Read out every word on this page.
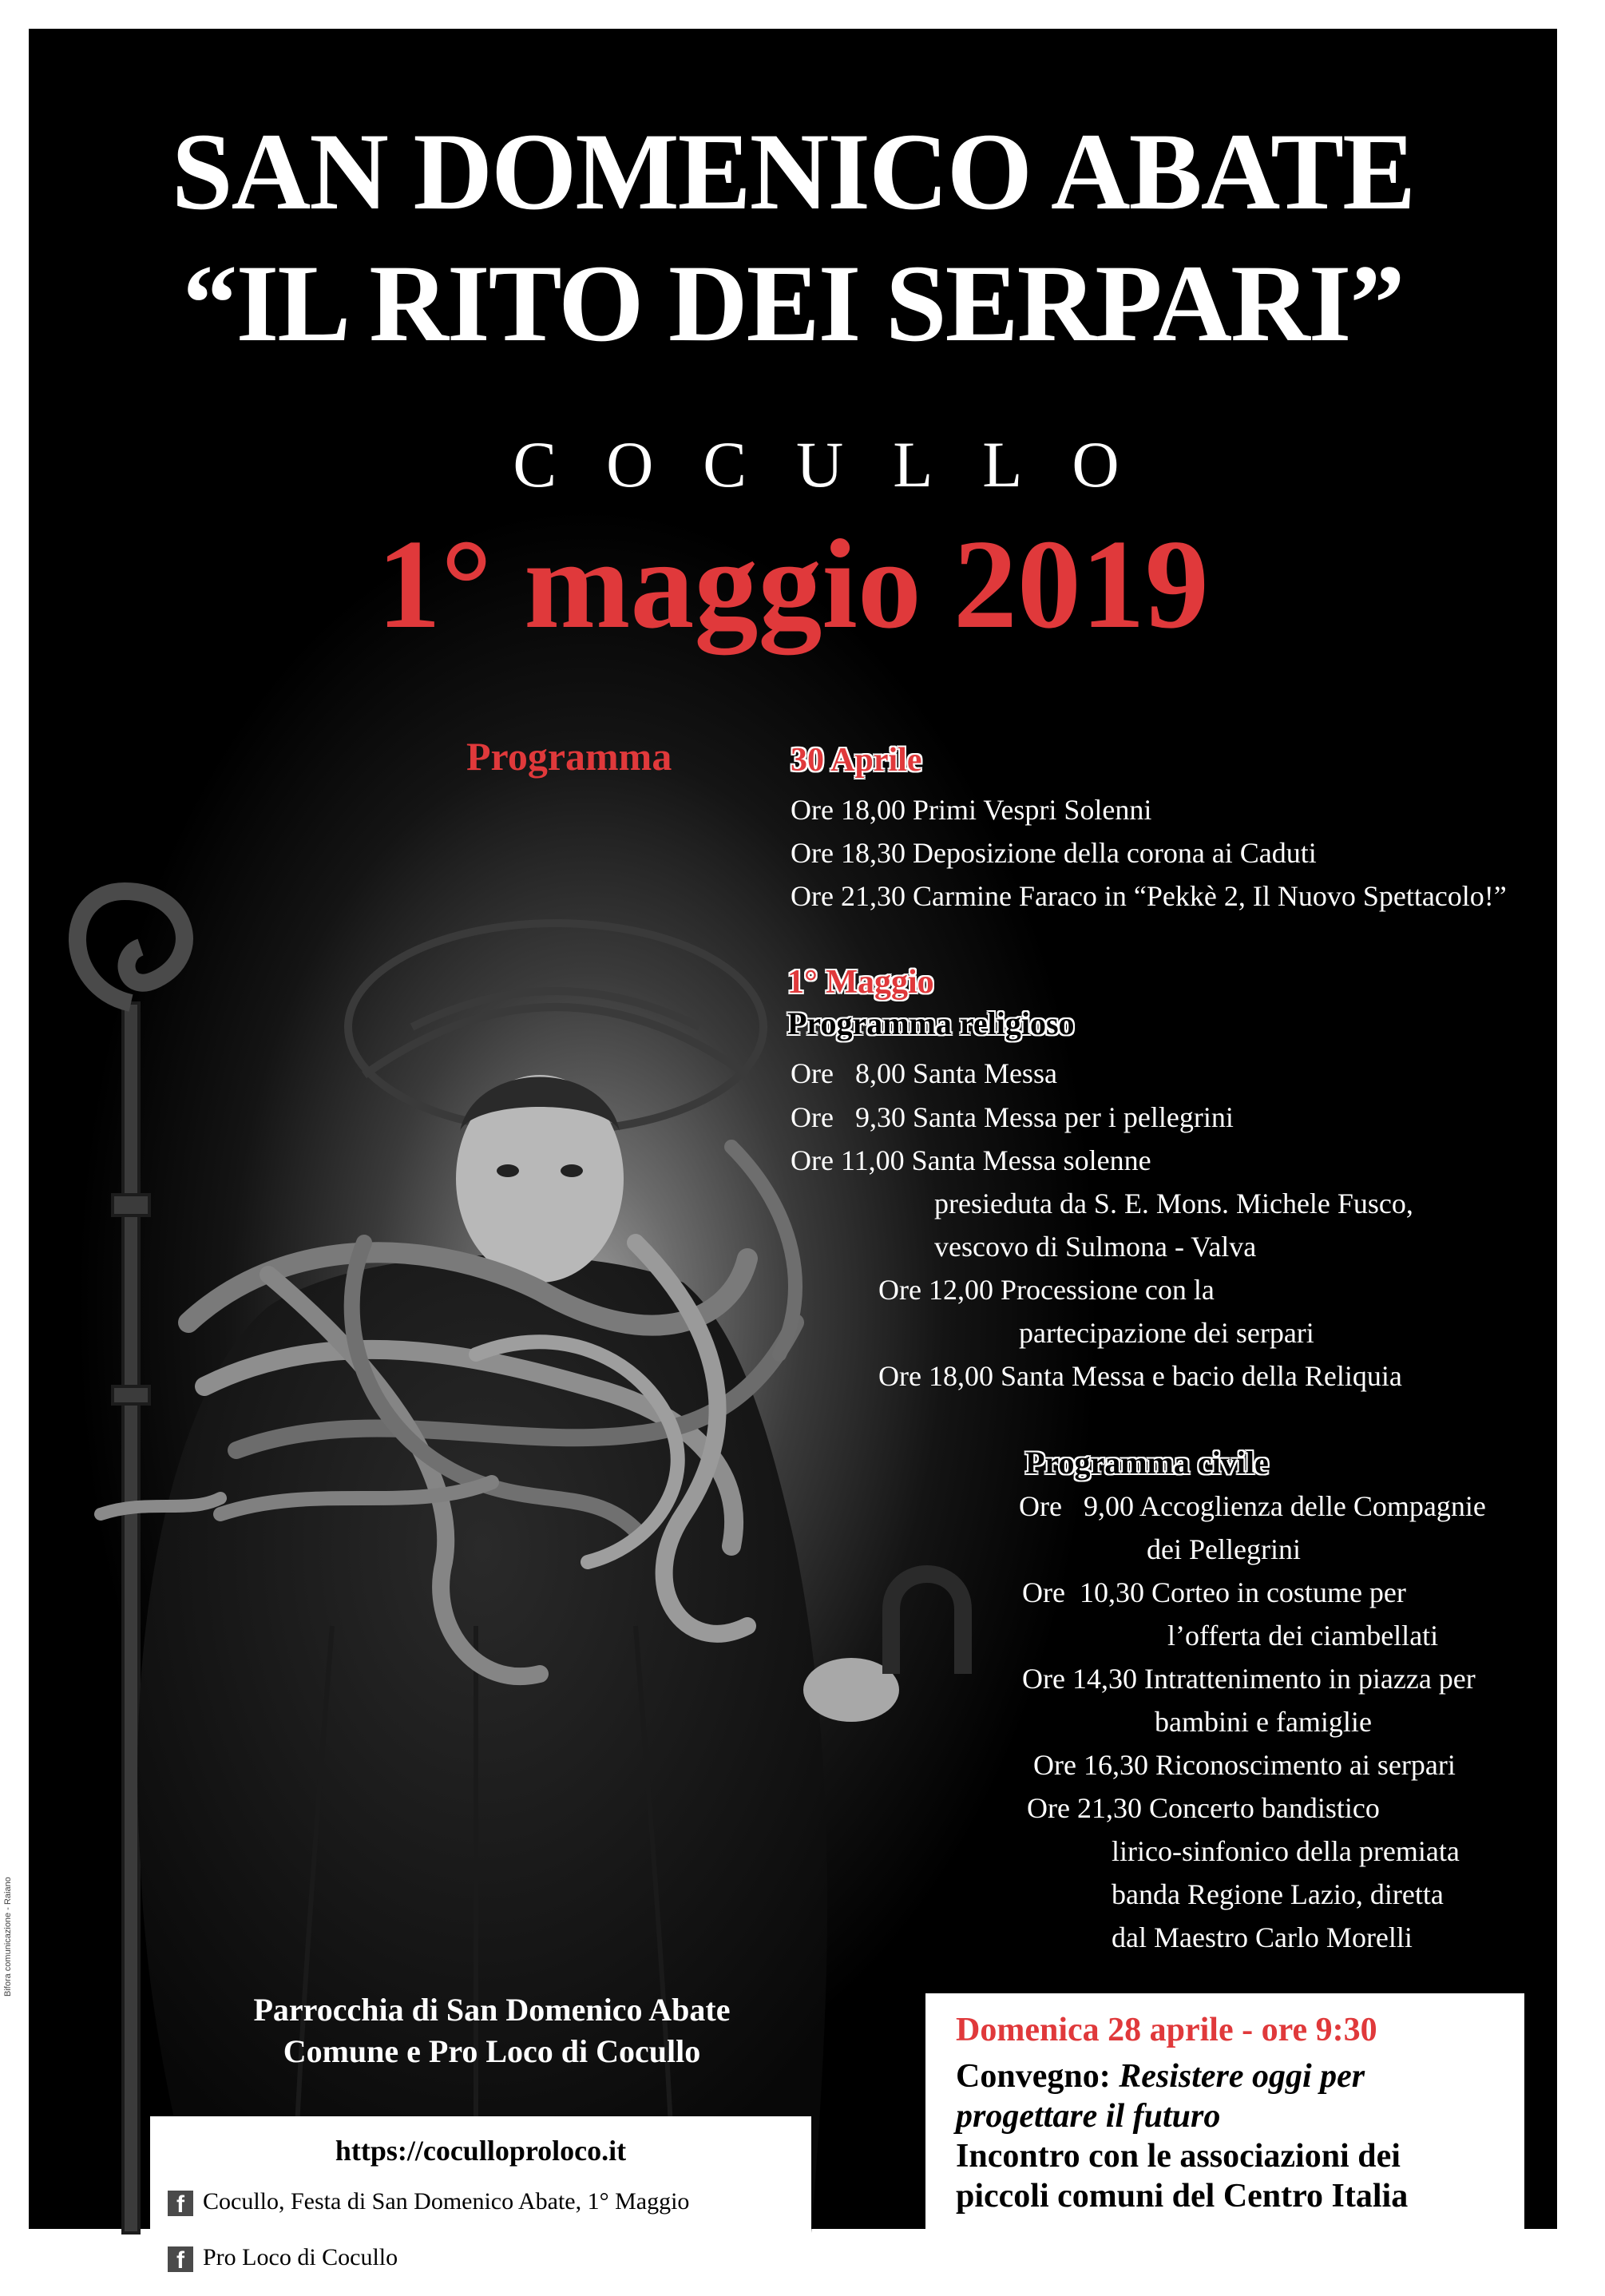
SAN DOMENICO ABATE
“IL RITO DEI SERPARI”
COCULLO
1° maggio 2019
Programma	30 Aprile
Ore 18,00 Primi Vespri Solenni
Ore 18,30 Deposizione della corona ai Caduti
Ore 21,30 Carmine Faraco in “Pekkè 2, Il Nuovo Spettacolo!”
1° Maggio
Programma religioso
Ore   8,00 Santa Messa
Ore   9,30 Santa Messa per i pellegrini
Ore 11,00 Santa Messa solenne
presieduta da S. E. Mons. Michele Fusco,
vescovo di Sulmona - Valva
Ore 12,00 Processione con la
partecipazione dei serpari
Ore 18,00 Santa Messa e bacio della Reliquia
Programma civile
Ore   9,00 Accoglienza delle Compagnie
dei Pellegrini
Ore  10,30 Corteo in costume per
l’offerta dei ciambellati
Ore 14,30 Intrattenimento in piazza per
bambini e famiglie
Ore 16,30 Riconoscimento ai serpari
Ore 21,30 Concerto bandistico
lirico-sinfonico della premiata
banda Regione Lazio, diretta
dal Maestro Carlo Morelli
Parrocchia di San Domenico Abate
Comune e Pro Loco di Cocullo
https://cocullo​proloco.it
f Cocullo, Festa di San Domenico Abate, 1° Maggio
f Pro Loco di Cocullo
Domenica 28 aprile - ore 9:30
Convegno: Resistere oggi per
progettare il futuro
Incontro con le associazioni dei
piccoli comuni del Centro Italia
Bifora comunicazione - Raiano
